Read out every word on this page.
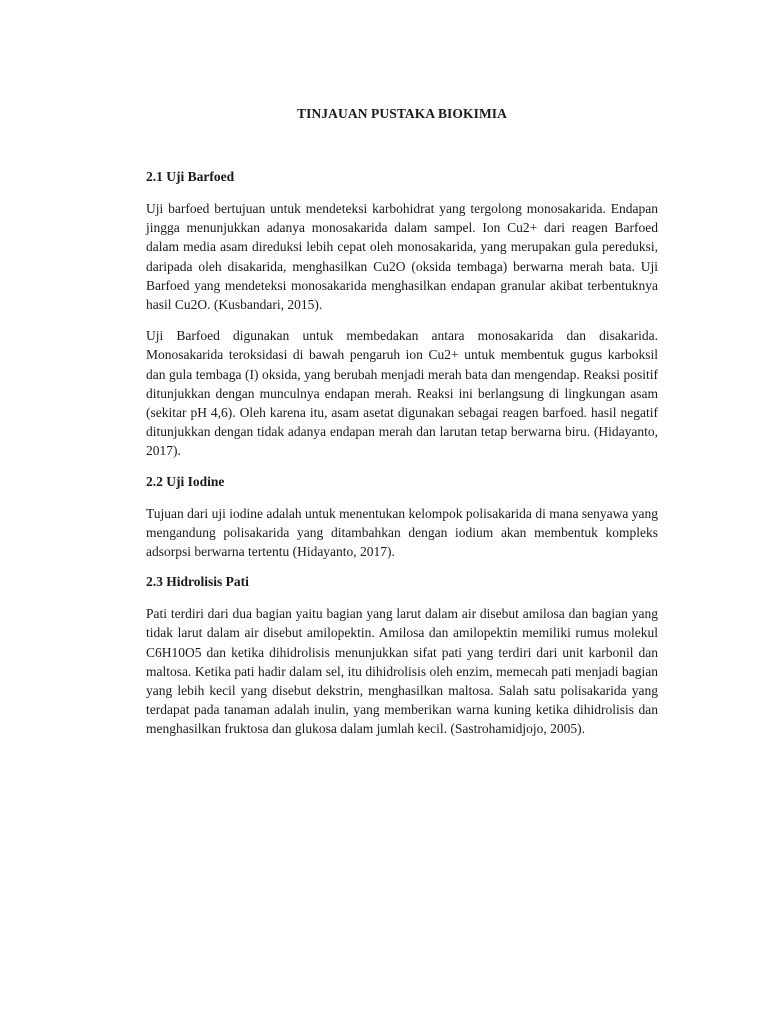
TINJAUAN PUSTAKA BIOKIMIA
2.1 Uji Barfoed

Uji barfoed bertujuan untuk mendeteksi karbohidrat yang tergolong monosakarida. Endapan jingga menunjukkan adanya monosakarida dalam sampel. Ion Cu2+ dari reagen Barfoed dalam media asam direduksi lebih cepat oleh monosakarida, yang merupakan gula pereduksi, daripada oleh disakarida, menghasilkan Cu2O (oksida tembaga) berwarna merah bata. Uji Barfoed yang mendeteksi monosakarida menghasilkan endapan granular akibat terbentuknya hasil Cu2O. (Kusbandari, 2015).

Uji Barfoed digunakan untuk membedakan antara monosakarida dan disakarida. Monosakarida teroksidasi di bawah pengaruh ion Cu2+ untuk membentuk gugus karboksil dan gula tembaga (I) oksida, yang berubah menjadi merah bata dan mengendap. Reaksi positif ditunjukkan dengan munculnya endapan merah. Reaksi ini berlangsung di lingkungan asam (sekitar pH 4,6). Oleh karena itu, asam asetat digunakan sebagai reagen barfoed. hasil negatif ditunjukkan dengan tidak adanya endapan merah dan larutan tetap berwarna biru. (Hidayanto, 2017).

2.2 Uji Iodine

Tujuan dari uji iodine adalah untuk menentukan kelompok polisakarida di mana senyawa yang mengandung polisakarida yang ditambahkan dengan iodium akan membentuk kompleks adsorpsi berwarna tertentu (Hidayanto, 2017).

2.3 Hidrolisis Pati

Pati terdiri dari dua bagian yaitu bagian yang larut dalam air disebut amilosa dan bagian yang tidak larut dalam air disebut amilopektin. Amilosa dan amilopektin memiliki rumus molekul C6H10O5 dan ketika dihidrolisis menunjukkan sifat pati yang terdiri dari unit karbonil dan maltosa. Ketika pati hadir dalam sel, itu dihidrolisis oleh enzim, memecah pati menjadi bagian yang lebih kecil yang disebut dekstrin, menghasilkan maltosa. Salah satu polisakarida yang terdapat pada tanaman adalah inulin, yang memberikan warna kuning ketika dihidrolisis dan menghasilkan fruktosa dan glukosa dalam jumlah kecil. (Sastrohamidjojo, 2005).
